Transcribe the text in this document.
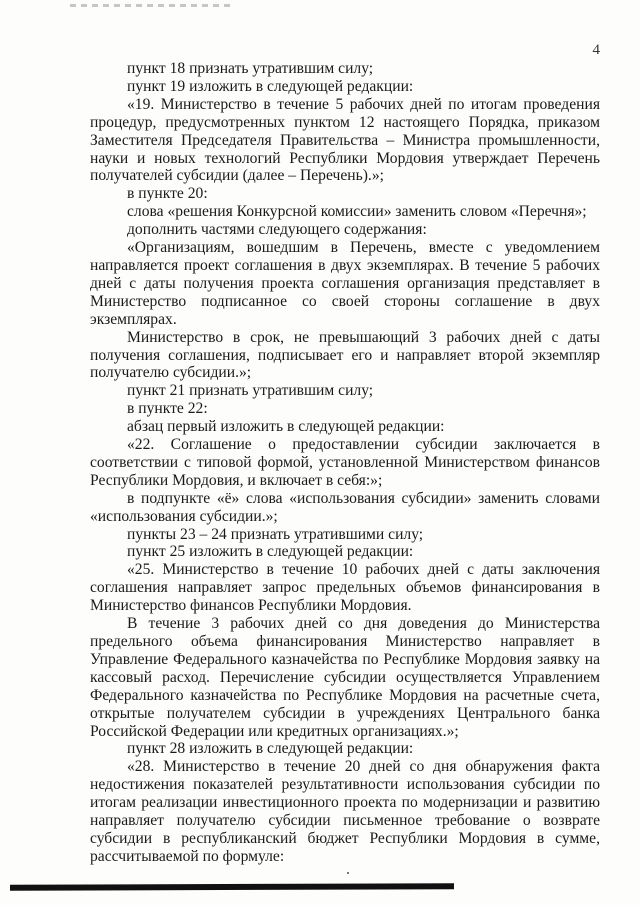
4

пункт 18 признать утратившим силу;

пункт 19 изложить в следующей редакции:

«19. Министерство в течение 5 рабочих дней по итогам проведения процедур, предусмотренных пунктом 12 настоящего Порядка, приказом Заместителя Председателя Правительства – Министра промышленности, науки и новых технологий Республики Мордовия утверждает Перечень получателей субсидии (далее – Перечень).»;

в пункте 20:

слова «решения Конкурсной комиссии» заменить словом «Перечня»;

дополнить частями следующего содержания:

«Организациям, вошедшим в Перечень, вместе с уведомлением направляется проект соглашения в двух экземплярах. В течение 5 рабочих дней с даты получения проекта соглашения организация представляет в Министерство подписанное со своей стороны соглашение в двух экземплярах.

Министерство в срок, не превышающий 3 рабочих дней с даты получения соглашения, подписывает его и направляет второй экземпляр получателю субсидии.»;

пункт 21 признать утратившим силу;

в пункте 22:

абзац первый изложить в следующей редакции:

«22. Соглашение о предоставлении субсидии заключается в соответствии с типовой формой, установленной Министерством финансов Республики Мордовия, и включает в себя:»;

в подпункте «ё» слова «использования субсидии» заменить словами «использования субсидии.»;

пункты 23 – 24 признать утратившими силу;

пункт 25 изложить в следующей редакции:

«25. Министерство в течение 10 рабочих дней с даты заключения соглашения направляет запрос предельных объемов финансирования в Министерство финансов Республики Мордовия.

В течение 3 рабочих дней со дня доведения до Министерства предельного объема финансирования Министерство направляет в Управление Федерального казначейства по Республике Мордовия заявку на кассовый расход. Перечисление субсидии осуществляется Управлением Федерального казначейства по Республике Мордовия на расчетные счета, открытые получателем субсидии в учреждениях Центрального банка Российской Федерации или кредитных организациях.»;

пункт 28 изложить в следующей редакции:

«28. Министерство в течение 20 дней со дня обнаружения факта недостижения показателей результативности использования субсидии по итогам реализации инвестиционного проекта по модернизации и развитию направляет получателю субсидии письменное требование о возврате субсидии в республиканский бюджет Республики Мордовия в сумме, рассчитываемой по формуле:
